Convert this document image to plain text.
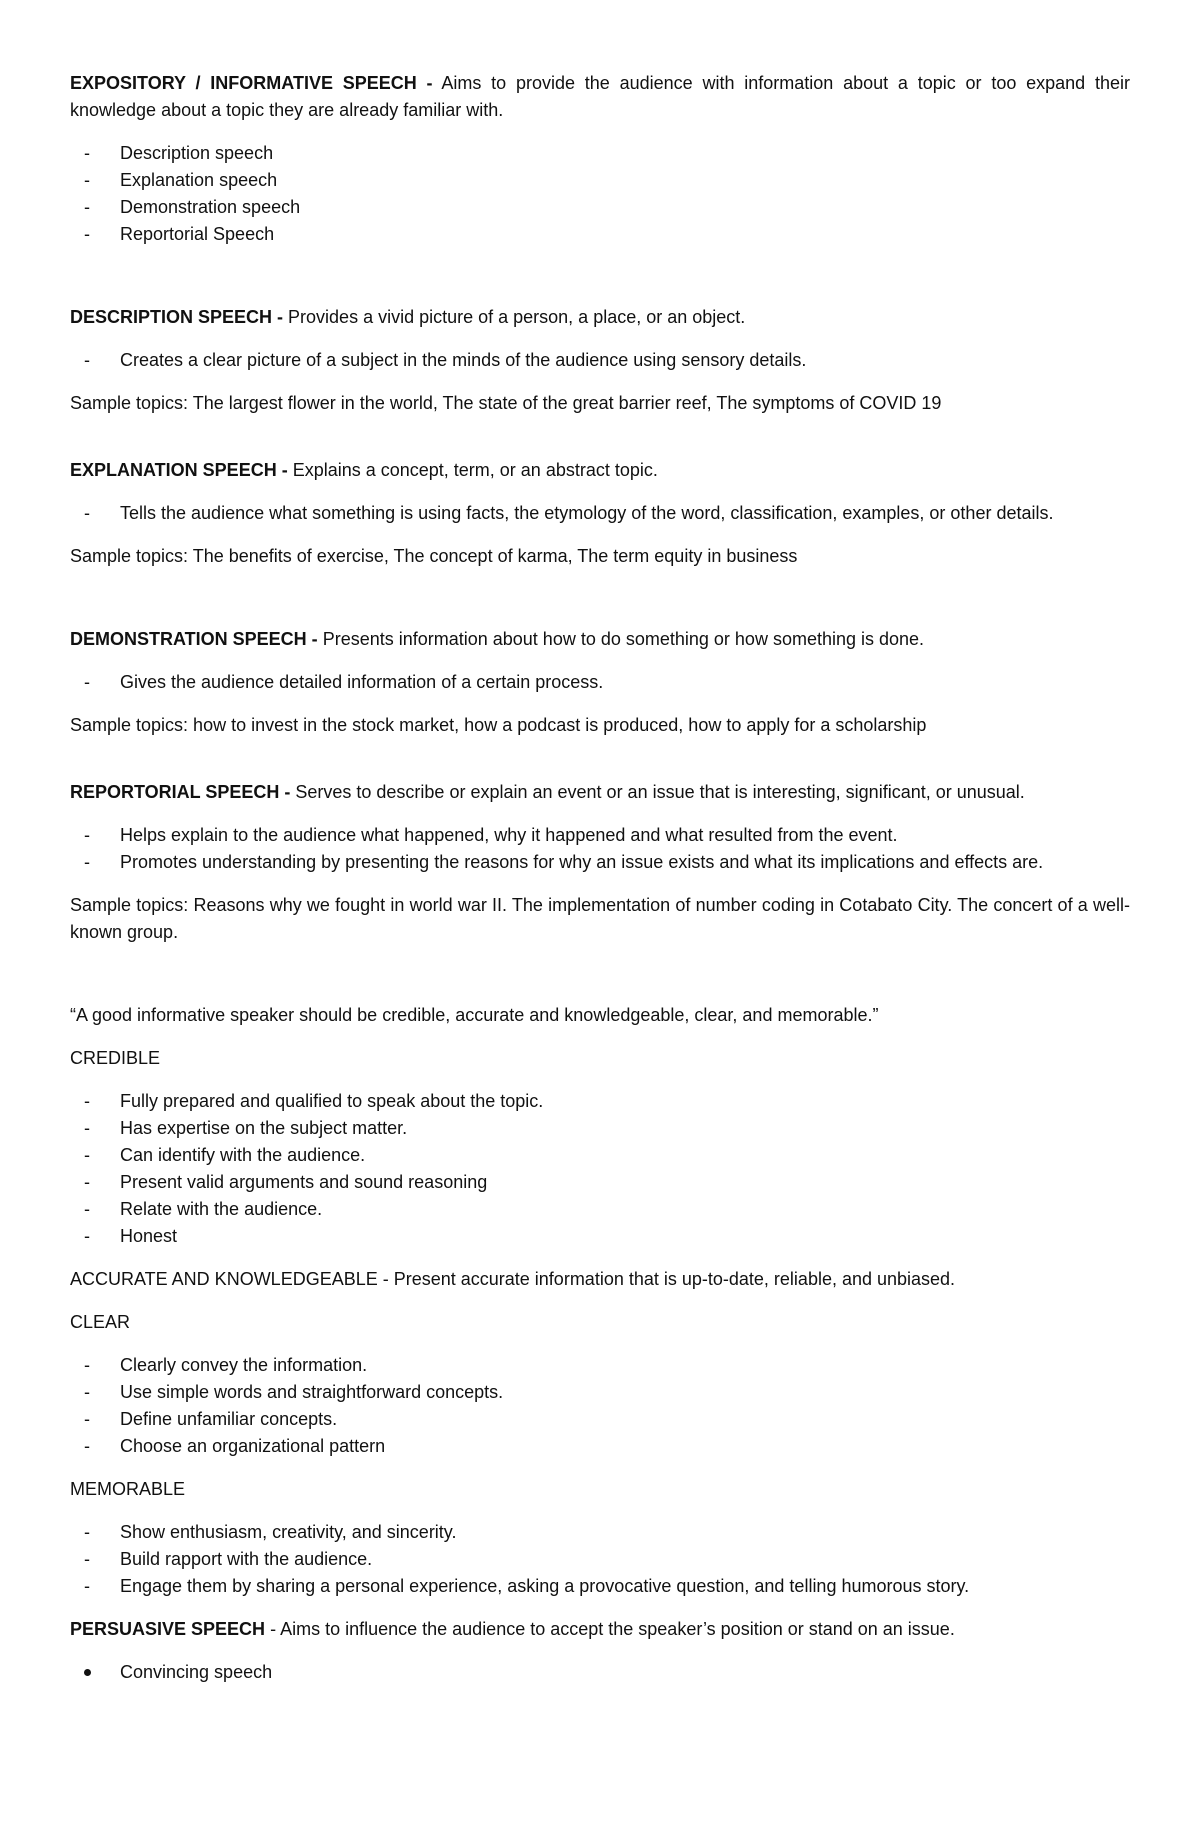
EXPOSITORY / INFORMATIVE SPEECH - Aims to provide the audience with information about a topic or too expand their knowledge about a topic they are already familiar with.

- Description speech
- Explanation speech
- Demonstration speech
- Reportorial Speech

DESCRIPTION SPEECH - Provides a vivid picture of a person, a place, or an object.

- Creates a clear picture of a subject in the minds of the audience using sensory details.

Sample topics: The largest flower in the world, The state of the great barrier reef, The symptoms of COVID 19

EXPLANATION SPEECH - Explains a concept, term, or an abstract topic.

- Tells the audience what something is using facts, the etymology of the word, classification, examples, or other details.

Sample topics: The benefits of exercise, The concept of karma, The term equity in business

DEMONSTRATION SPEECH - Presents information about how to do something or how something is done.

- Gives the audience detailed information of a certain process.

Sample topics: how to invest in the stock market, how a podcast is produced, how to apply for a scholarship

REPORTORIAL SPEECH - Serves to describe or explain an event or an issue that is interesting, significant, or unusual.

- Helps explain to the audience what happened, why it happened and what resulted from the event.
- Promotes understanding by presenting the reasons for why an issue exists and what its implications and effects are.

Sample topics: Reasons why we fought in world war II. The implementation of number coding in Cotabato City. The concert of a well-known group.

“A good informative speaker should be credible, accurate and knowledgeable, clear, and memorable.”

CREDIBLE

- Fully prepared and qualified to speak about the topic.
- Has expertise on the subject matter.
- Can identify with the audience.
- Present valid arguments and sound reasoning
- Relate with the audience.
- Honest

ACCURATE AND KNOWLEDGEABLE - Present accurate information that is up-to-date, reliable, and unbiased.

CLEAR

- Clearly convey the information.
- Use simple words and straightforward concepts.
- Define unfamiliar concepts.
- Choose an organizational pattern

MEMORABLE

- Show enthusiasm, creativity, and sincerity.
- Build rapport with the audience.
- Engage them by sharing a personal experience, asking a provocative question, and telling humorous story.

PERSUASIVE SPEECH - Aims to influence the audience to accept the speaker’s position or stand on an issue.

Convincing speech
